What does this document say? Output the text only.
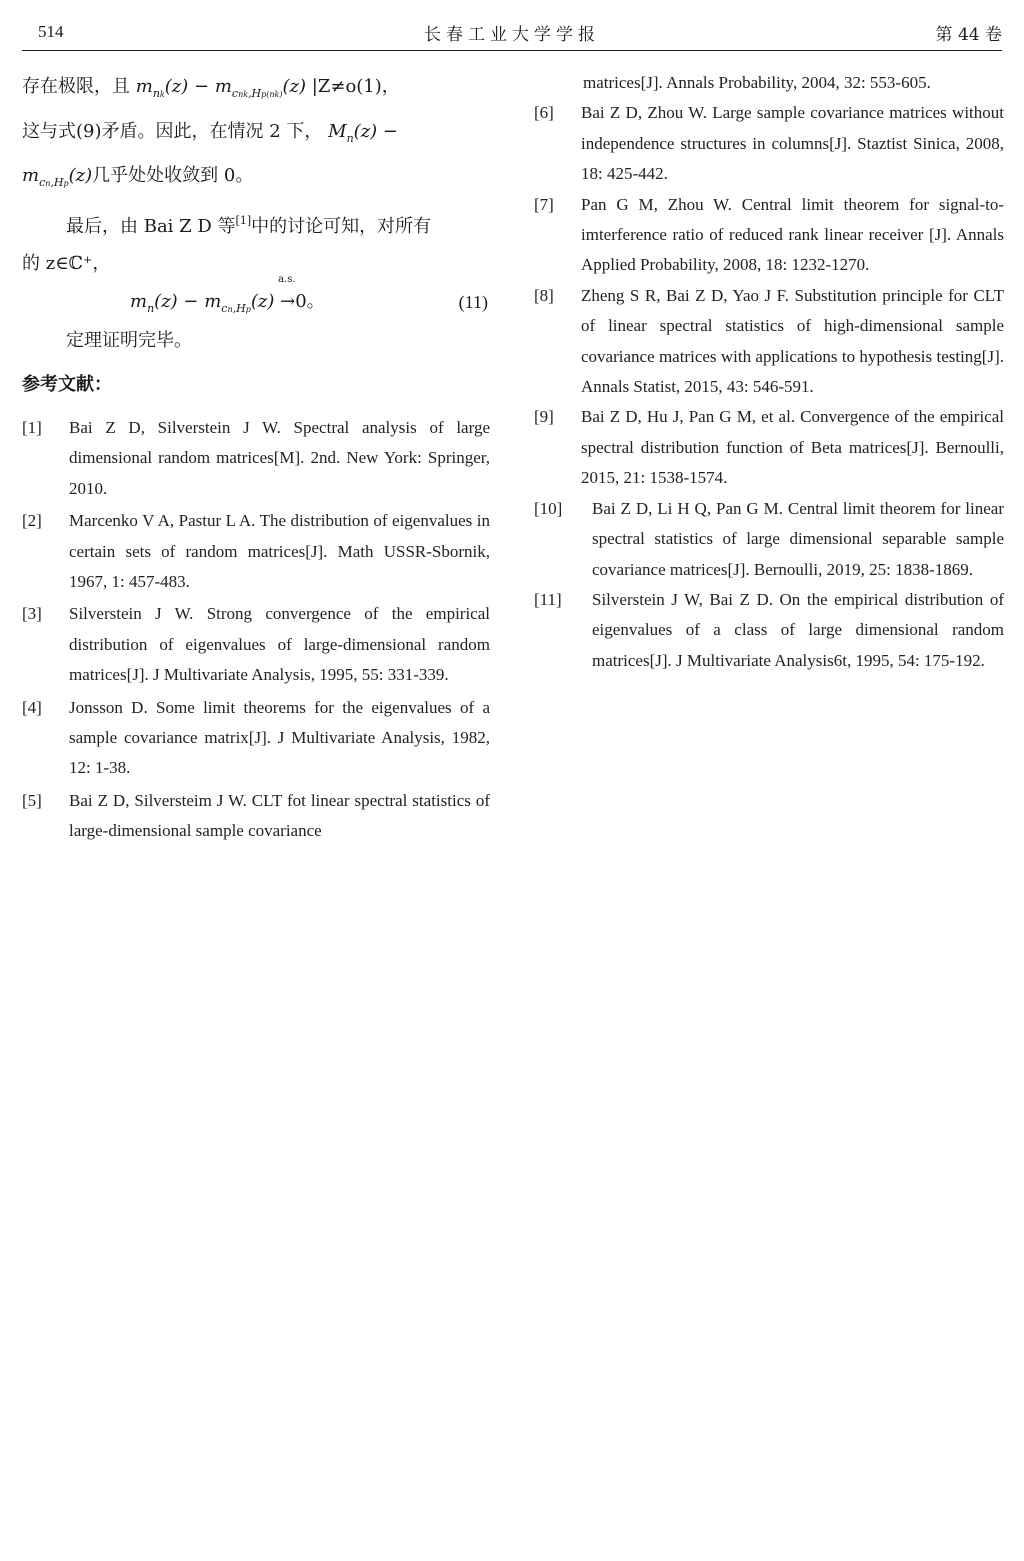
514	长春工业大学学报	第 44 卷

存在极限，且 $m_{nk}(z) - m_{cnk,Hp(nk)}(z)$ |Z≠o(1)，
这与式(9)矛盾。因此，在情况 2 下， $M_n(z)$ −
$m_{cn,Hp}(z)$几乎处处收敛到 0。

最后，由 Bai Z D 等[1]中的讨论可知，对所有

的 z∈ℂ⁺，

$m_n(z) - m_{cn,Hp}(z)$
a.s.
→0。	(11)

定理证明完毕。

参考文献：
[1] Bai Z D, Silverstein J W. Spectral analysis of large dimensional random matrices[M]. 2nd. New York: Springer, 2010.
[2] Marcenko V A, Pastur L A. The distribution of eigenvalues in certain sets of random matrices[J]. Math USSR-Sbornik, 1967, 1: 457-483.
[3] Silverstein J W. Strong convergence of the empirical distribution of eigenvalues of large-dimensional random matrices[J]. J Multivariate Analysis, 1995, 55: 331-339.
[4] Jonsson D. Some limit theorems for the eigenvalues of a sample covariance matrix[J]. J Multivariate Analysis, 1982, 12: 1-38.
[5] Bai Z D, Silversteim J W. CLT fot linear spectral statistics of large-dimensional sample covariance
matrices[J]. Annals Probability, 2004, 32: 553-605.
[6] Bai Z D, Zhou W. Large sample covariance matrices without independence structures in columns[J]. Staztist Sinica, 2008, 18: 425-442.
[7] Pan G M, Zhou W. Central limit theorem for signal-to-imterference ratio of reduced rank linear receiver [J]. Annals Applied Probability, 2008, 18: 1232-1270.
[8] Zheng S R, Bai Z D, Yao J F. Substitution principle for CLT of linear spectral statistics of high-dimensional sample covariance matrices with applications to hypothesis testing[J]. Annals Statist, 2015, 43: 546-591.
[9] Bai Z D, Hu J, Pan G M, et al. Convergence of the empirical spectral distribution function of Beta matrices[J]. Bernoulli, 2015, 21: 1538-1574.
[10] Bai Z D, Li H Q, Pan G M. Central limit theorem for linear spectral statistics of large dimensional separable sample covariance matrices[J]. Bernoulli, 2019, 25: 1838-1869.
[11] Silverstein J W, Bai Z D. On the empirical distribution of eigenvalues of a class of large dimensional random matrices[J]. J Multivariate Analysis6t, 1995, 54: 175-192.
